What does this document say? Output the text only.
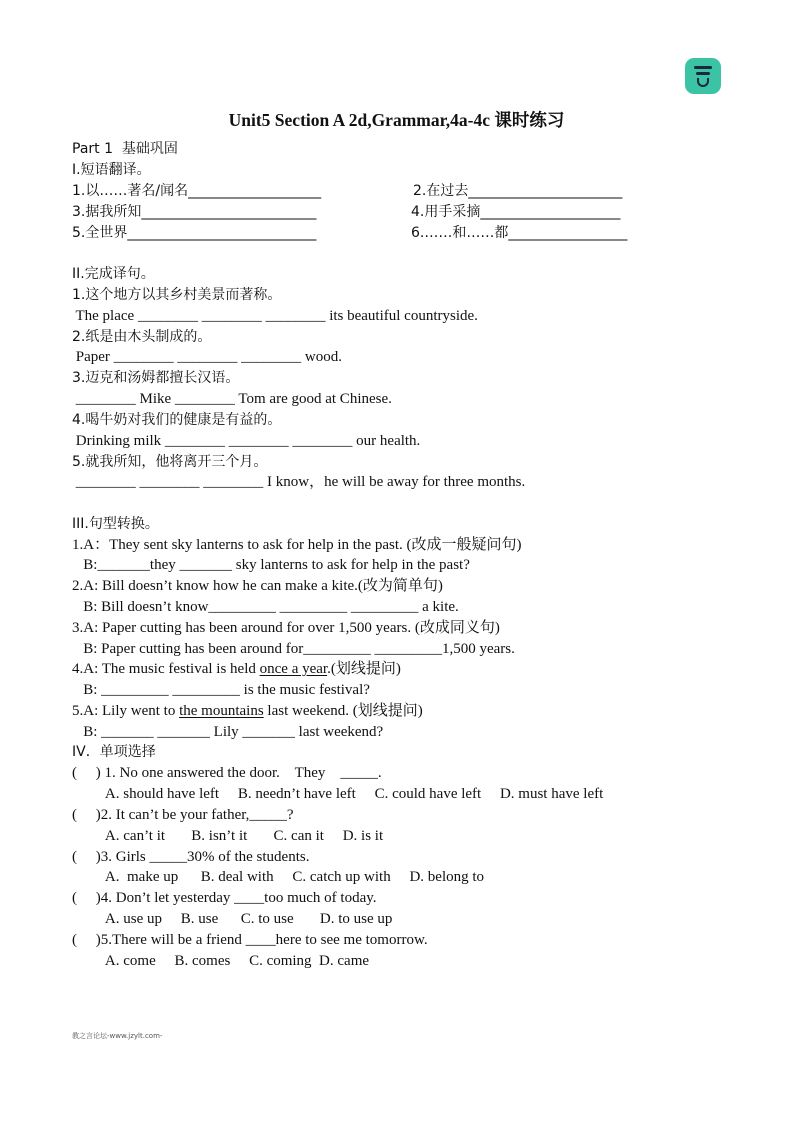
Unit5 Section A 2d,Grammar,4a-4c 课时练习
Part 1  基础巩固
I.短语翻译。
1.以……著名/闻名___________________	2.在过去______________________
3.据我所知_________________________	4.用手采摘____________________
5.全世界___________________________	6.……和……都_________________
II.完成译句。
1.这个地方以其乡村美景而著称。
The place ________ ________ ________ its beautiful countryside.
2.纸是由木头制成的。
Paper ________ ________ ________ wood.
3.迈克和汤姆都擅长汉语。
________ Mike ________ Tom are good at Chinese.
4.喝牛奶对我们的健康是有益的。
Drinking milk ________ ________ ________ our health.
5.就我所知，他将离开三个月。
________ ________ ________ I know，he will be away for three months.
III.句型转换。
1.A：They sent sky lanterns to ask for help in the past. (改成一般疑问句)
B:_______they _______ sky lanterns to ask for help in the past?
2.A: Bill doesn’t know how he can make a kite.(改为简单句)
B: Bill doesn’t know_________ _________ _________ a kite.
3.A: Paper cutting has been around for over 1,500 years. (改成同义句)
B: Paper cutting has been around for_________ _________1,500 years.
4.A: The music festival is held once a year.(划线提问)
B: _________ _________ is the music festival?
5.A: Lily went to the mountains last weekend. (划线提问)
B: _______ _______ Lily _______ last weekend?
IV．单项选择
(     ) 1. No one answered the door.    They    _____.
A. should have left     B. needn’t have left     C. could have left     D. must have left
(     )2. It can’t be your father,_____?
A. can’t it       B. isn’t it       C. can it     D. is it
(     )3. Girls _____30% of the students.
A.  make up      B. deal with     C. catch up with     D. belong to
(     )4. Don’t let yesterday ____too much of today.
A. use up     B. use      C. to use       D. to use up
(     )5.There will be a friend ____here to see me tomorrow.
A. come     B. comes     C. coming  D. came
教之言论坛-www.jzylt.com-
